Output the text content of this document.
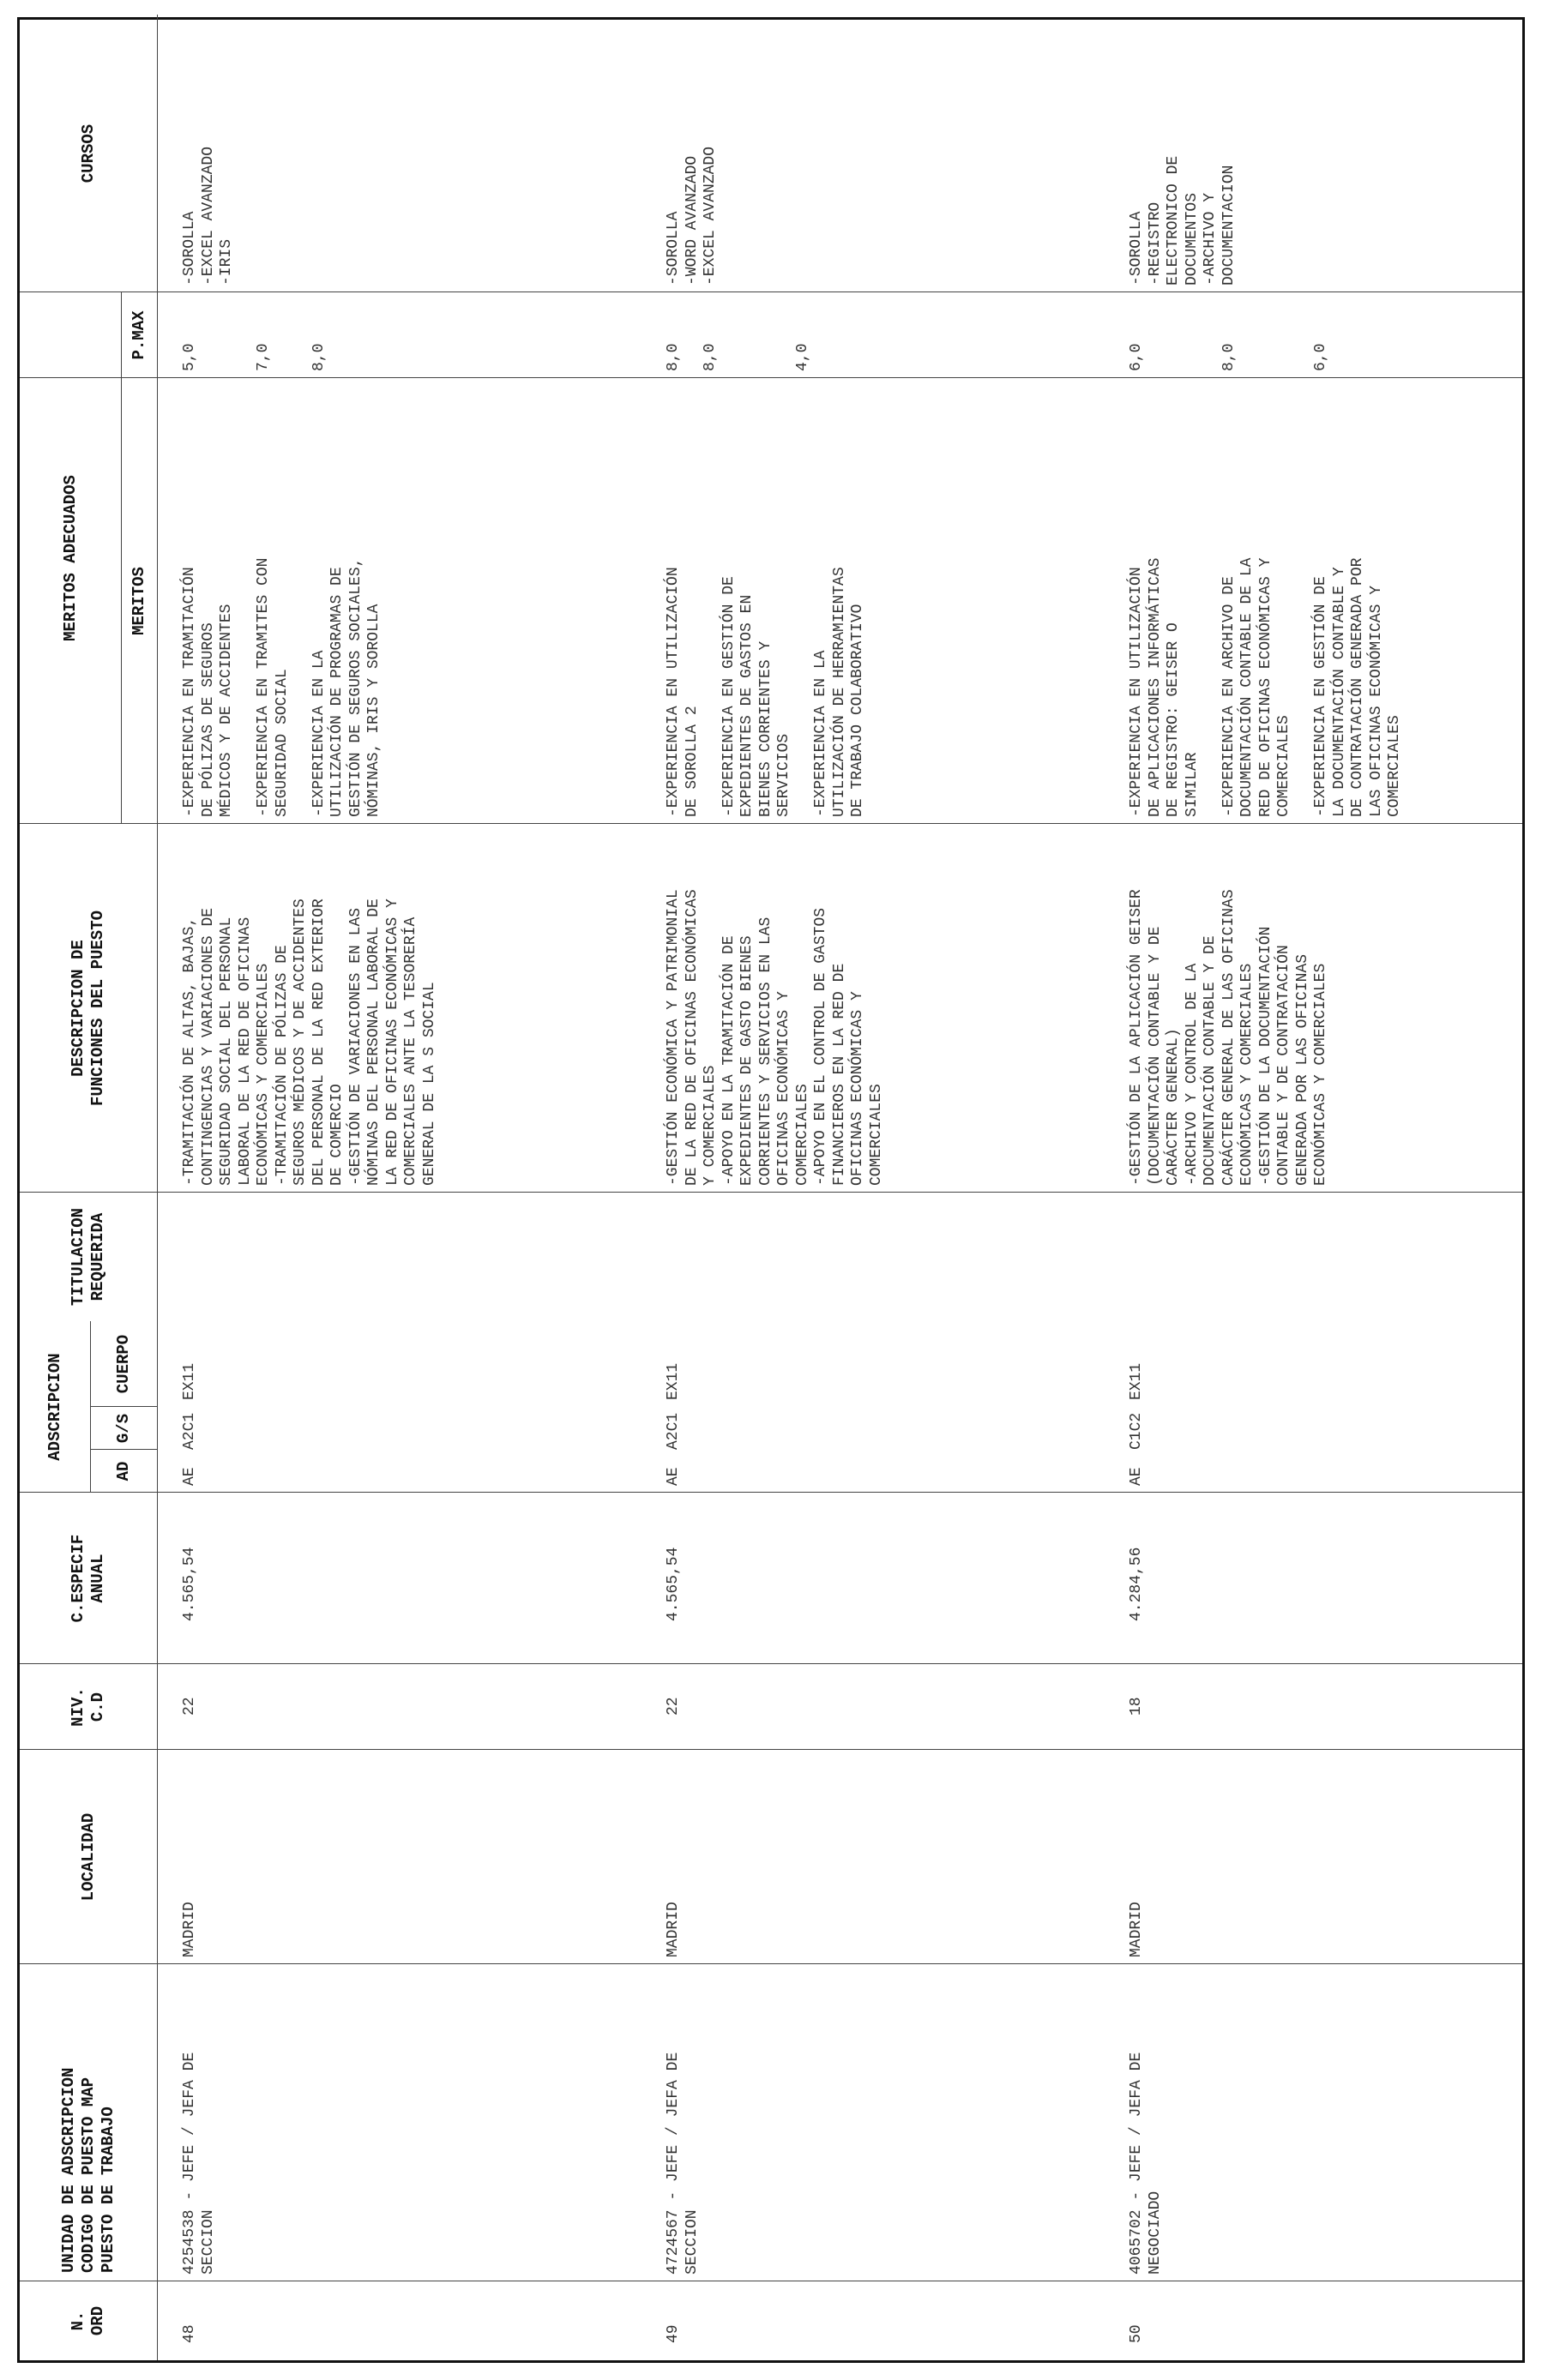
N.
ORD
UNIDAD DE ADSCRIPCION
CODIGO DE PUESTO MAP
PUESTO DE TRABAJO
LOCALIDAD
NIV.
C.D
C.ESPECIF
ANUAL
ADSCRIPCION
AD
G/S
CUERPO
TITULACION
REQUERIDA
DESCRIPCION DE
FUNCIONES DEL PUESTO
MERITOS ADECUADOS	MERITOS
P.MAX
CURSOS
48
4254538 - JEFE / JEFA DE
SECCION
MADRID
22
4.565,54
AE
A2C1
EX11
-TRAMITACIÓN DE ALTAS, BAJAS,
CONTINGENCIAS Y VARIACIONES DE
SEGURIDAD SOCIAL DEL PERSONAL
LABORAL DE LA RED DE OFICINAS
ECONÓMICAS Y COMERCIALES
-TRAMITACIÓN DE PÓLIZAS DE
SEGUROS MÉDICOS Y DE ACCIDENTES
DEL PERSONAL DE LA RED EXTERIOR
DE COMERCIO
-GESTIÓN DE VARIACIONES EN LAS
NÓMINAS DEL PERSONAL LABORAL DE
LA RED DE OFICINAS ECONÓMICAS Y
COMERCIALES ANTE LA TESORERÍA
GENERAL DE LA S SOCIAL
-EXPERIENCIA EN TRAMITACIÓN
DE PÓLIZAS DE SEGUROS
MÉDICOS Y DE ACCIDENTES

-EXPERIENCIA EN TRAMITES CON
SEGURIDAD SOCIAL

-EXPERIENCIA EN LA
UTILIZACIÓN DE PROGRAMAS DE
GESTIÓN DE SEGUROS SOCIALES,
NÓMINAS, IRIS Y SOROLLA
5,0

7,0

8,0
-SOROLLA
-EXCEL AVANZADO
-IRIS
49
4724567 - JEFE / JEFA DE
SECCION
MADRID
22
4.565,54
AE
A2C1
EX11
-GESTIÓN ECONÓMICA Y PATRIMONIAL
DE LA RED DE OFICINAS ECONÓMICAS
Y COMERCIALES
-APOYO EN LA TRAMITACIÓN DE
EXPEDIENTES DE GASTO BIENES
CORRIENTES Y SERVICIOS EN LAS
OFICINAS ECONÓMICAS Y
COMERCIALES
-APOYO EN EL CONTROL DE GASTOS
FINANCIEROS EN LA RED DE
OFICINAS ECONÓMICAS Y
COMERCIALES
-EXPERIENCIA EN UTILIZACIÓN
DE SOROLLA 2

-EXPERIENCIA EN GESTIÓN DE
EXPEDIENTES DE GASTOS EN
BIENES CORRIENTES Y
SERVICIOS

-EXPERIENCIA EN LA
UTILIZACIÓN DE HERRAMIENTAS
DE TRABAJO COLABORATIVO
8,0

8,0

4,0
-SOROLLA
-WORD AVANZADO
-EXCEL AVANZADO
50
4065702 - JEFE / JEFA DE
NEGOCIADO
MADRID
18
4.284,56
AE
C1C2
EX11
-GESTIÓN DE LA APLICACIÓN GEISER
(DOCUMENTACIÓN CONTABLE Y DE
CARÁCTER GENERAL)
-ARCHIVO Y CONTROL DE LA
DOCUMENTACIÓN CONTABLE Y DE
CARÁCTER GENERAL DE LAS OFICINAS
ECONÓMICAS Y COMERCIALES
-GESTIÓN DE LA DOCUMENTACIÓN
CONTABLE Y DE CONTRATACIÓN
GENERADA POR LAS OFICINAS
ECONÓMICAS Y COMERCIALES
-EXPERIENCIA EN UTILIZACIÓN
DE APLICACIONES INFORMÁTICAS
DE REGISTRO: GEISER O
SIMILAR

-EXPERIENCIA EN ARCHIVO DE
DOCUMENTACIÓN CONTABLE DE LA
RED DE OFICINAS ECONÓMICAS Y
COMERCIALES

-EXPERIENCIA EN GESTIÓN DE
LA DOCUMENTACIÓN CONTABLE Y
DE CONTRATACIÓN GENERADA POR
LAS OFICINAS ECONÓMICAS Y
COMERCIALES
6,0

8,0

6,0
-SOROLLA
-REGISTRO
ELECTRONICO DE
DOCUMENTOS
-ARCHIVO Y
DOCUMENTACION
